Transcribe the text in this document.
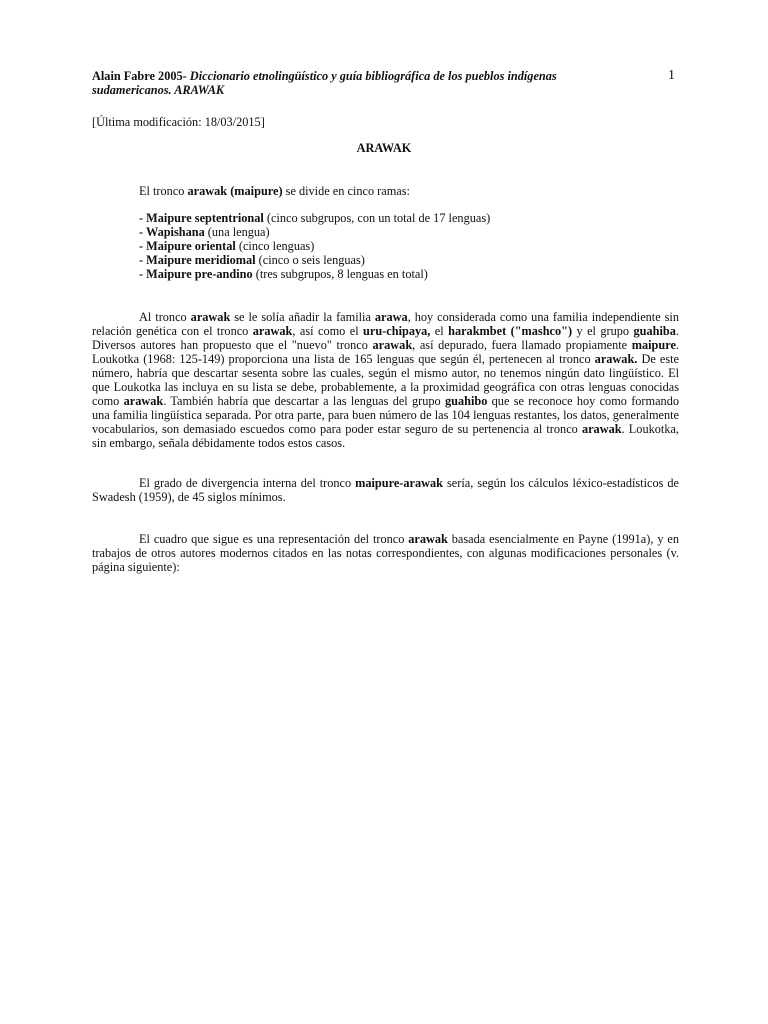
Alain Fabre 2005- Diccionario etnolingüístico y guía bibliográfica de los pueblos indígenas
sudamericanos. ARAWAK
1
[Última modificación: 18/03/2015]
ARAWAK
El tronco arawak (maipure) se divide en cinco ramas:
- Maipure septentrional (cinco subgrupos, con un total de 17 lenguas)
- Wapishana (una lengua)
- Maipure oriental (cinco lenguas)
- Maipure meridiomal (cinco o seis lenguas)
- Maipure pre-andino (tres subgrupos, 8 lenguas en total)

Al tronco arawak se le solía añadir la familia arawa, hoy considerada como una familia independiente sin relación genética con el tronco arawak, así como el uru-chipaya, el harakmbet ("mashco") y el grupo guahiba. Diversos autores han propuesto que el "nuevo" tronco arawak, así depurado, fuera llamado propiamente maipure. Loukotka (1968: 125-149) proporciona una lista de 165 lenguas que según él, pertenecen al tronco arawak. De este número, habría que descartar sesenta sobre las cuales, según el mismo autor, no tenemos ningún dato lingüístico. El que Loukotka las incluya en su lista se debe, probablemente, a la proximidad geográfica con otras lenguas conocidas como arawak. También habría que descartar a las lenguas del grupo guahibo que se reconoce hoy como formando una familia lingüística separada. Por otra parte, para buen número de las 104 lenguas restantes, los datos, generalmente vocabularios, son demasiado escuedos como para poder estar seguro de su pertenencia al tronco arawak. Loukotka, sin embargo, señala débidamente todos estos casos.

El grado de divergencia interna del tronco maipure-arawak sería, según los cálculos léxico-estadísticos de Swadesh (1959), de 45 siglos mínimos.

El cuadro que sigue es una representación del tronco arawak basada esencialmente en Payne (1991a), y en trabajos de otros autores modernos citados en las notas correspondientes, con algunas modificaciones personales (v. página siguiente):
